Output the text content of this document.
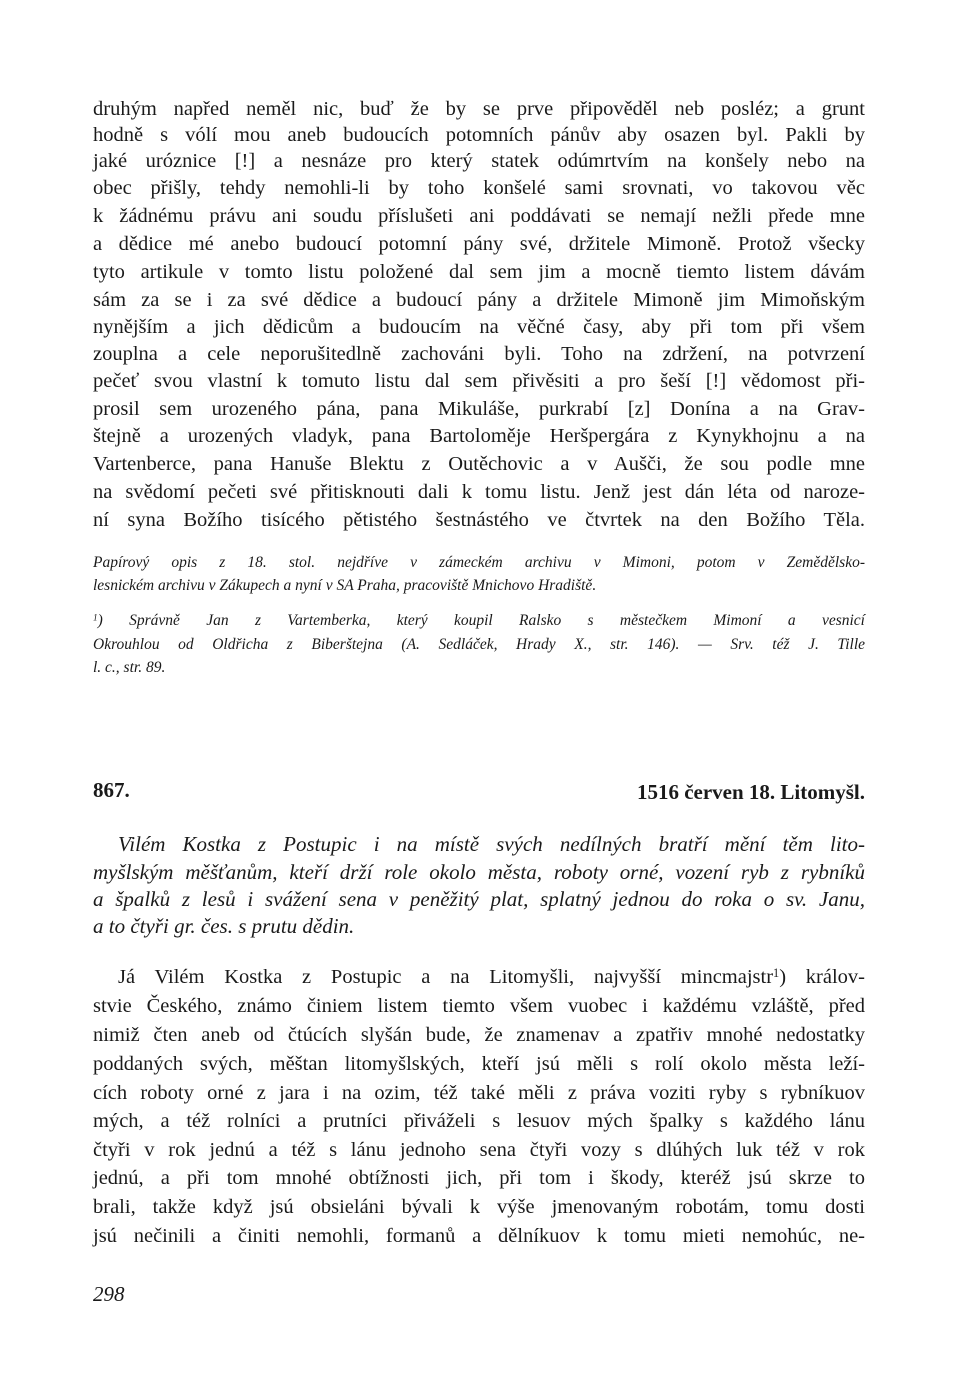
druhým napřed neměl nic, buď že by se prve připověděl neb posléz; a grunt

hodně s vólí mou aneb budoucích potomních pánův aby osazen byl. Pakli by

jaké uróznice [!] a nesnáze pro který statek odúmrtvím na konšely nebo na

obec přišly, tehdy nemohli-li by toho konšelé sami srovnati, vo takovou věc

k žádnému právu ani soudu příslušeti ani poddávati se nemají nežli přede mne

a dědice mé anebo budoucí potomní pány své, držitele Mimoně. Protož všecky

tyto artikule v tomto listu položené dal sem jim a mocně tiemto listem dávám

sám za se i za své dědice a budoucí pány a držitele Mimoně jim Mimoňským

nynějším a jich dědicům a budoucím na věčné časy, aby při tom při všem

zouplna a cele neporušitedlně zachováni byli. Toho na zdržení, na potvrzení

pečeť svou vlastní k tomuto listu dal sem přivěsiti a pro šeší [!] vědomost při-

prosil sem urozeného pána, pana Mikuláše, purkrabí [z] Donína a na Grav-

štejně a urozených vladyk, pana Bartoloměje Heršpergára z Kynykhojnu a na

Vartenberce, pana Hanuše Blektu z Outěchovic a v Aušči, že sou podle mne

na svědomí pečeti své přitisknouti dali k tomu listu. Jenž jest dán léta od naroze-

ní syna Božího tisícého pětistého šestnástého ve čtvrtek na den Božího Těla.

Papírový opis z 18. stol. nejdříve v zámeckém archivu v Mimoni, potom v Zemědělsko-

lesnickém archivu v Zákupech a nyní v SA Praha, pracoviště Mnichovo Hradiště.

$^1$) Správně Jan z Vartemberka, který koupil Ralsko s městečkem Mimoní a vesnicí

Okrouhlou od Oldřicha z Biberštejna (A. Sedláček, Hrady X., str. 146). — Srv. též J. Tille

l. c., str. 89.

867.	1516 červen 18. Litomyšl.

Vilém Kostka z Postupic i na místě svých nedílných bratří mění těm lito-

myšlským měšťanům, kteří drží role okolo města, roboty orné, vození ryb z rybníků

a špalků z lesů i svážení sena v peněžitý plat, splatný jednou do roka o sv. Janu,

a to čtyři gr. čes. s prutu dědin.

Já Vilém Kostka z Postupic a na Litomyšli, najvyšší mincmajstr$^1$) králov-

stvie Českého, známo činiem listem tiemto všem vuobec i každému vzláště, před

nimiž čten aneb od čtúcích slyšán bude, že znamenav a zpatřiv mnohé nedostatky

poddaných svých, měštan litomyšlských, kteří jsú měli s rolí okolo města leží-

cích roboty orné z jara i na ozim, též také měli z práva voziti ryby s rybníkuov

mých, a též rolníci a prutníci přiváželi s lesuov mých špalky s každého lánu

čtyři v rok jednú a též s lánu jednoho sena čtyři vozy s dlúhých luk též v rok

jednú, a při tom mnohé obtížnosti jich, při tom i škody, kteréž jsú skrze to

brali, takže když jsú obsieláni bývali k výše jmenovaným robotám, tomu dosti

jsú nečinili a činiti nemohli, formanů a dělníkuov k tomu mieti nemohúc, ne-

298
